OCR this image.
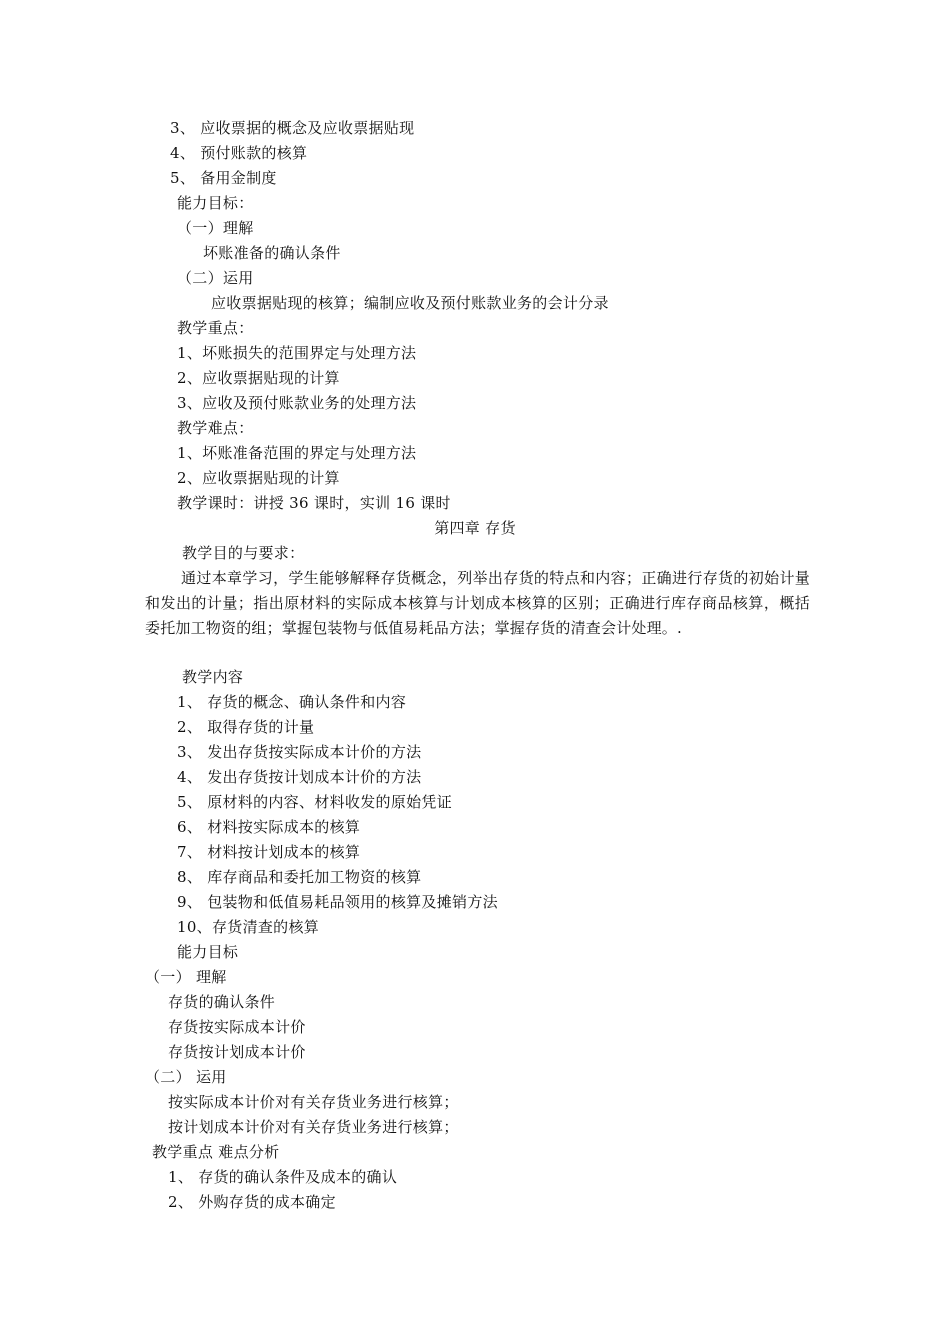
3、 应收票据的概念及应收票据贴现
4、 预付账款的核算
5、 备用金制度
能力目标：
（一）理解
坏账准备的确认条件
（二）运用
应收票据贴现的核算；编制应收及预付账款业务的会计分录
教学重点：
1、坏账损失的范围界定与处理方法
2、应收票据贴现的计算
3、应收及预付账款业务的处理方法
教学难点：
1、坏账准备范围的界定与处理方法
2、应收票据贴现的计算
教学课时：讲授 36 课时，实训 16 课时
第四章 存货
教学目的与要求：
通过本章学习，学生能够解释存货概念，列举出存货的特点和内容；正确进行存货的初始计量和发出的计量；指出原材料的实际成本核算与计划成本核算的区别；正确进行库存商品核算，概括委托加工物资的组；掌握包装物与低值易耗品方法；掌握存货的清查会计处理。.
教学内容
1、 存货的概念、确认条件和内容
2、 取得存货的计量
3、 发出存货按实际成本计价的方法
4、 发出存货按计划成本计价的方法
5、 原材料的内容、材料收发的原始凭证
6、 材料按实际成本的核算
7、 材料按计划成本的核算
8、 库存商品和委托加工物资的核算
9、 包装物和低值易耗品领用的核算及摊销方法
10、存货清查的核算
能力目标
（一） 理解
存货的确认条件
存货按实际成本计价
存货按计划成本计价
（二） 运用
按实际成本计价对有关存货业务进行核算；
按计划成本计价对有关存货业务进行核算；
教学重点 难点分析
1、 存货的确认条件及成本的确认
2、 外购存货的成本确定
